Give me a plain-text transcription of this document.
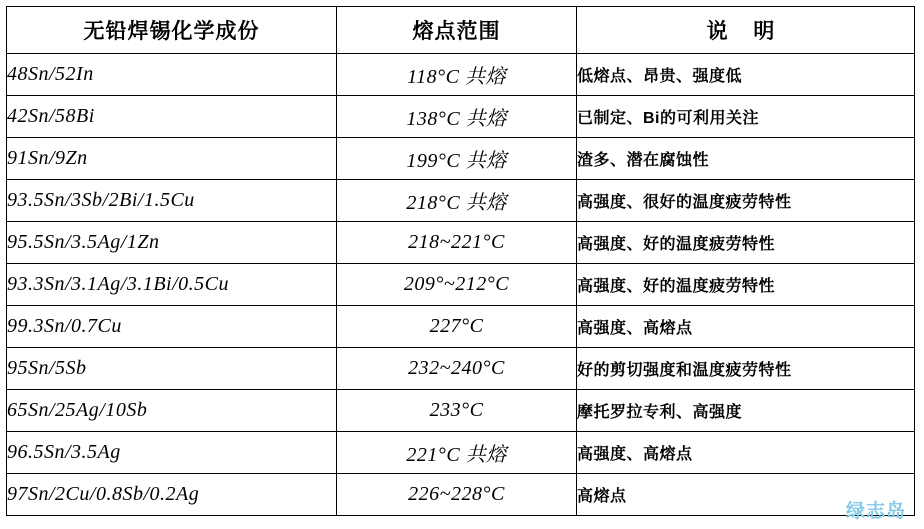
无铅焊锡化学成份	熔点范围	说 明
48Sn/52In	118°C 共熔	低熔点、昂贵、强度低
42Sn/58Bi	138°C 共熔	已制定、Bi的可利用关注
91Sn/9Zn	199°C 共熔	渣多、潜在腐蚀性
93.5Sn/3Sb/2Bi/1.5Cu	218°C 共熔	高强度、很好的温度疲劳特性
95.5Sn/3.5Ag/1Zn	218~221°C	高强度、好的温度疲劳特性
93.3Sn/3.1Ag/3.1Bi/0.5Cu	209°~212°C	高强度、好的温度疲劳特性
99.3Sn/0.7Cu	227°C	高强度、高熔点
95Sn/5Sb	232~240°C	好的剪切强度和温度疲劳特性
65Sn/25Ag/10Sb	233°C	摩托罗拉专利、高强度
96.5Sn/3.5Ag	221°C 共熔	高强度、高熔点
97Sn/2Cu/0.8Sb/0.2Ag	226~228°C	高熔点
绿志岛
